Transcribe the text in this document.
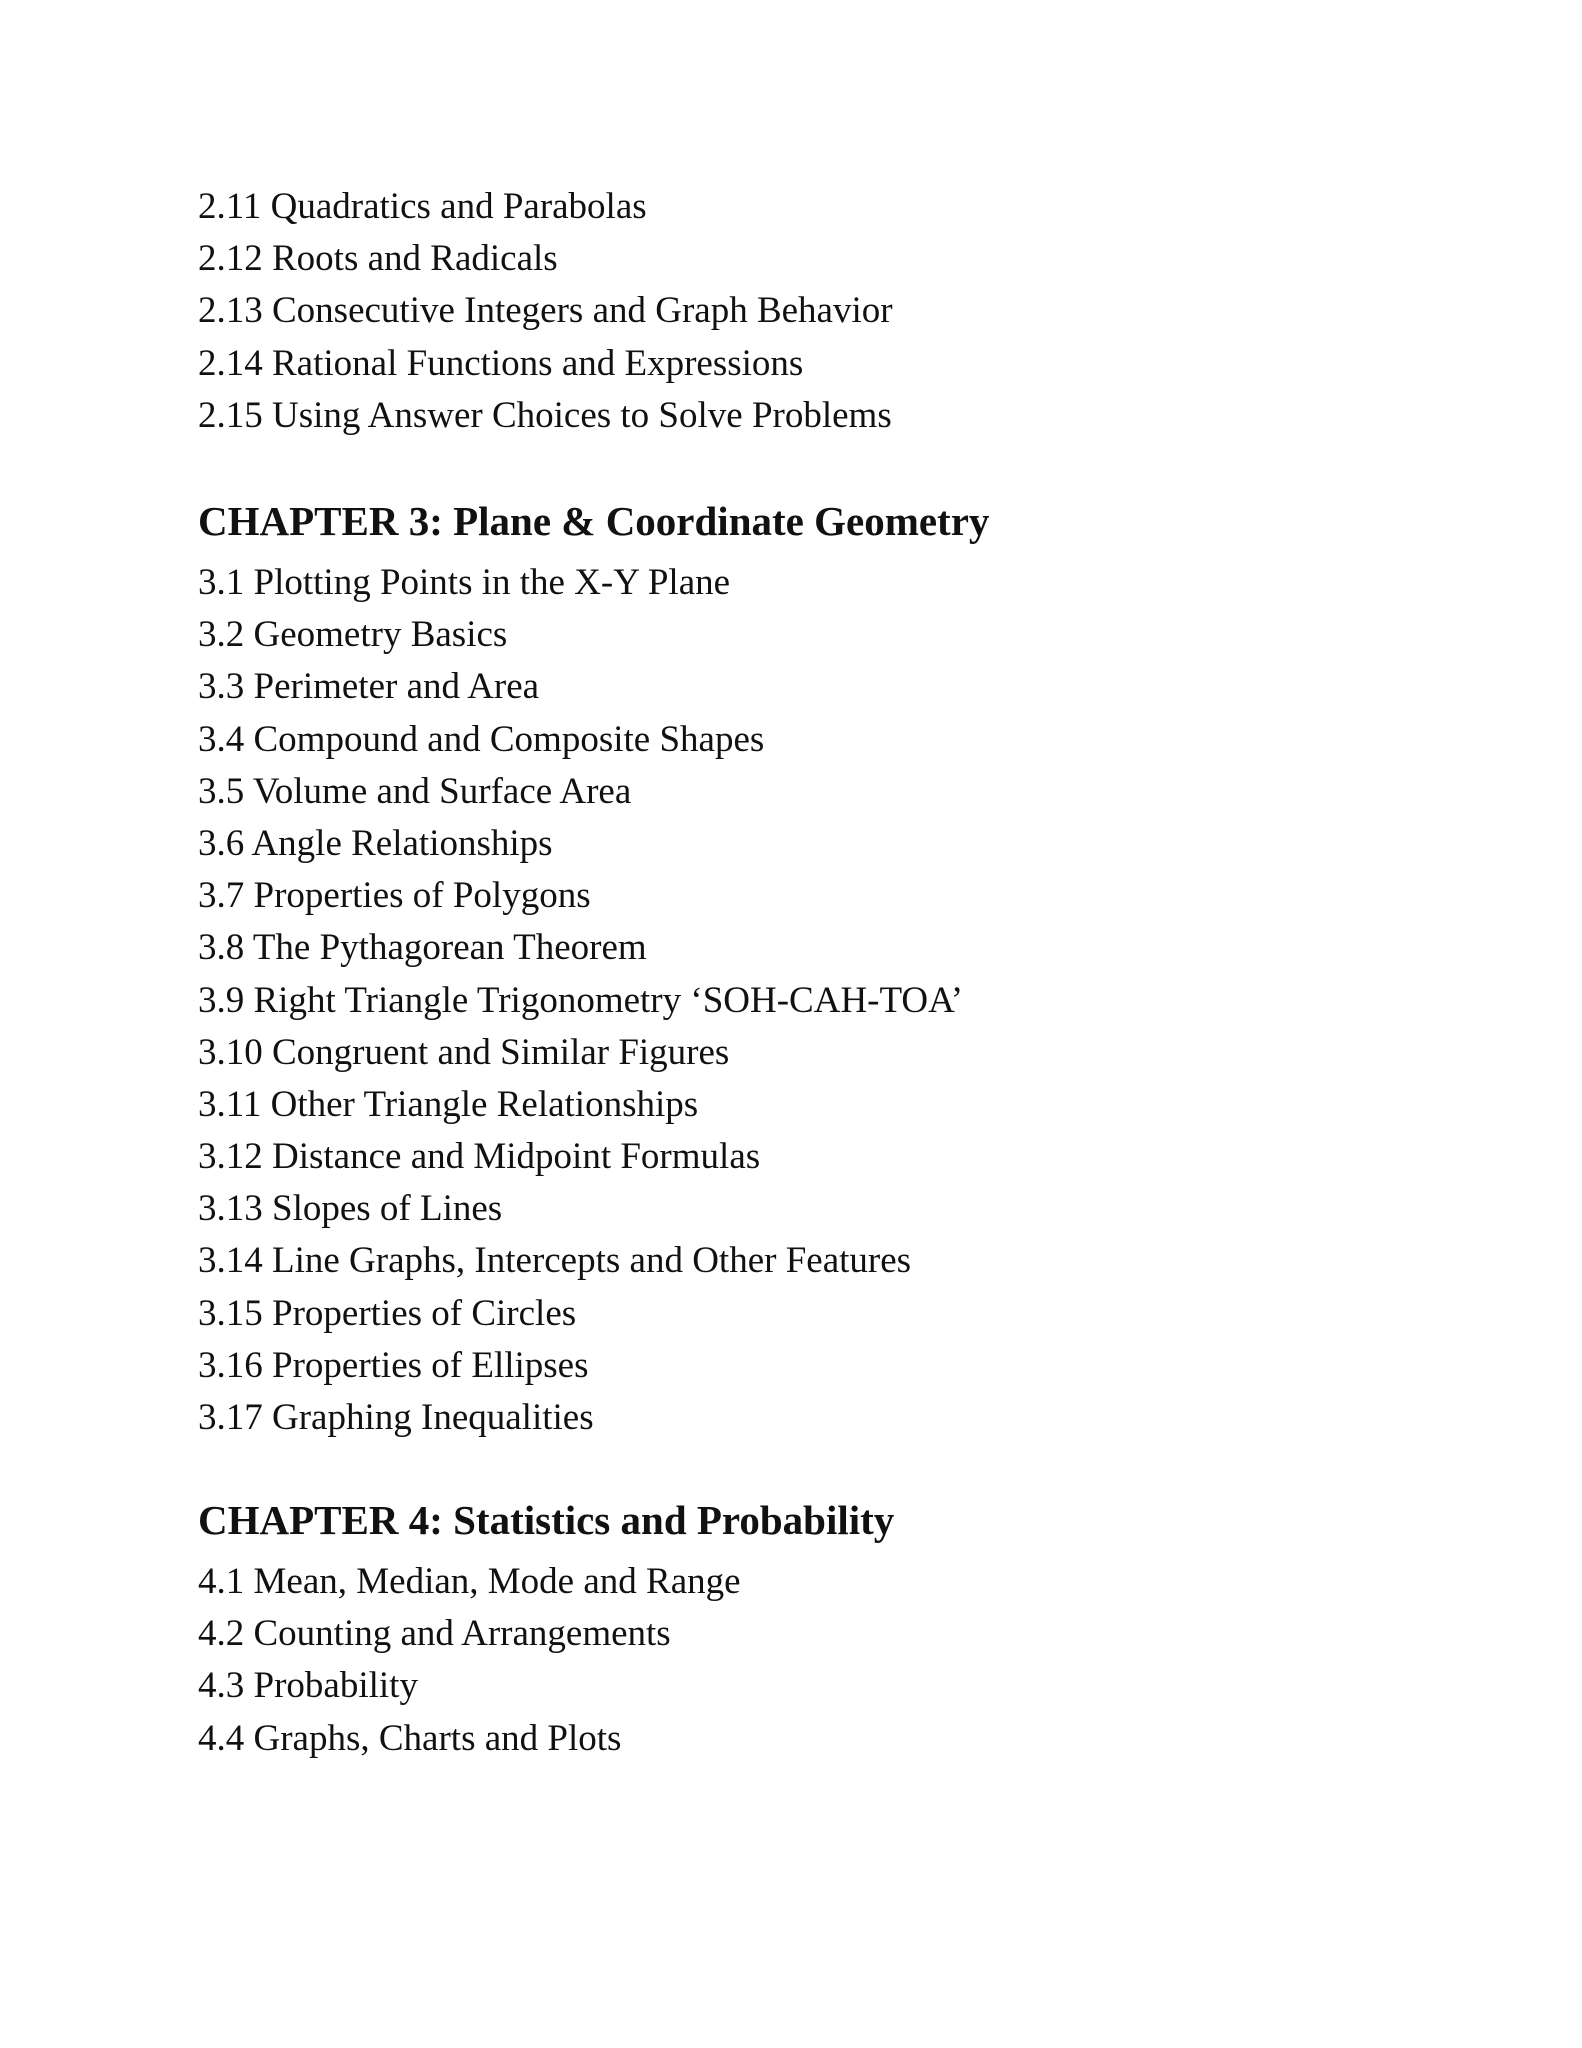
2.11 Quadratics and Parabolas
2.12 Roots and Radicals
2.13 Consecutive Integers and Graph Behavior
2.14 Rational Functions and Expressions
2.15 Using Answer Choices to Solve Problems
CHAPTER 3: Plane & Coordinate Geometry
3.1 Plotting Points in the X-Y Plane
3.2 Geometry Basics
3.3 Perimeter and Area
3.4 Compound and Composite Shapes
3.5 Volume and Surface Area
3.6 Angle Relationships
3.7 Properties of Polygons
3.8 The Pythagorean Theorem
3.9 Right Triangle Trigonometry ‘SOH-CAH-TOA’
3.10 Congruent and Similar Figures
3.11 Other Triangle Relationships
3.12 Distance and Midpoint Formulas
3.13 Slopes of Lines
3.14 Line Graphs, Intercepts and Other Features
3.15 Properties of Circles
3.16 Properties of Ellipses
3.17 Graphing Inequalities
CHAPTER 4: Statistics and Probability
4.1 Mean, Median, Mode and Range
4.2 Counting and Arrangements
4.3 Probability
4.4 Graphs, Charts and Plots
